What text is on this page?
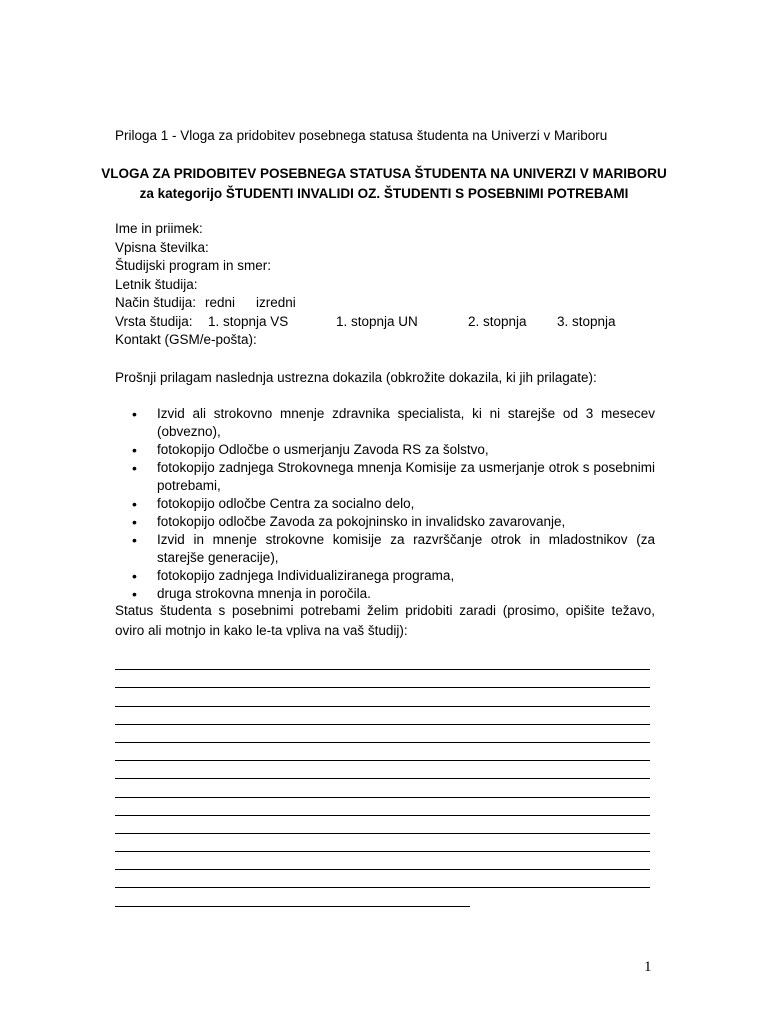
Priloga 1 - Vloga za pridobitev posebnega statusa študenta na Univerzi v Mariboru
VLOGA ZA PRIDOBITEV POSEBNEGA STATUSA ŠTUDENTA NA UNIVERZI V MARIBORU
za kategorijo ŠTUDENTI INVALIDI OZ. ŠTUDENTI S POSEBNIMI POTREBAMI
Ime in priimek:
Vpisna številka:
Študijski program in smer:
Letnik študija:
Način študija: redni izredni
Vrsta študija: 1. stopnja VS	1. stopnja UN	2. stopnja 3. stopnja
Kontakt (GSM/e-pošta):
Prošnji prilagam naslednja ustrezna dokazila (obkrožite dokazila, ki jih prilagate):
• Izvid ali strokovno mnenje zdravnika specialista, ki ni starejše od 3 mesecev (obvezno),
• fotokopijo Odločbe o usmerjanju Zavoda RS za šolstvo,
• fotokopijo zadnjega Strokovnega mnenja Komisije za usmerjanje otrok s posebnimi potrebami,
• fotokopijo odločbe Centra za socialno delo,
• fotokopijo odločbe Zavoda za pokojninsko in invalidsko zavarovanje,
• Izvid in mnenje strokovne komisije za razvrščanje otrok in mladostnikov (za starejše generacije),
• fotokopijo zadnjega Individualiziranega programa,
• druga strokovna mnenja in poročila.
Status študenta s posebnimi potrebami želim pridobiti zaradi (prosimo, opišite težavo, oviro ali motnjo in kako le-ta vpliva na vaš študij):
1
